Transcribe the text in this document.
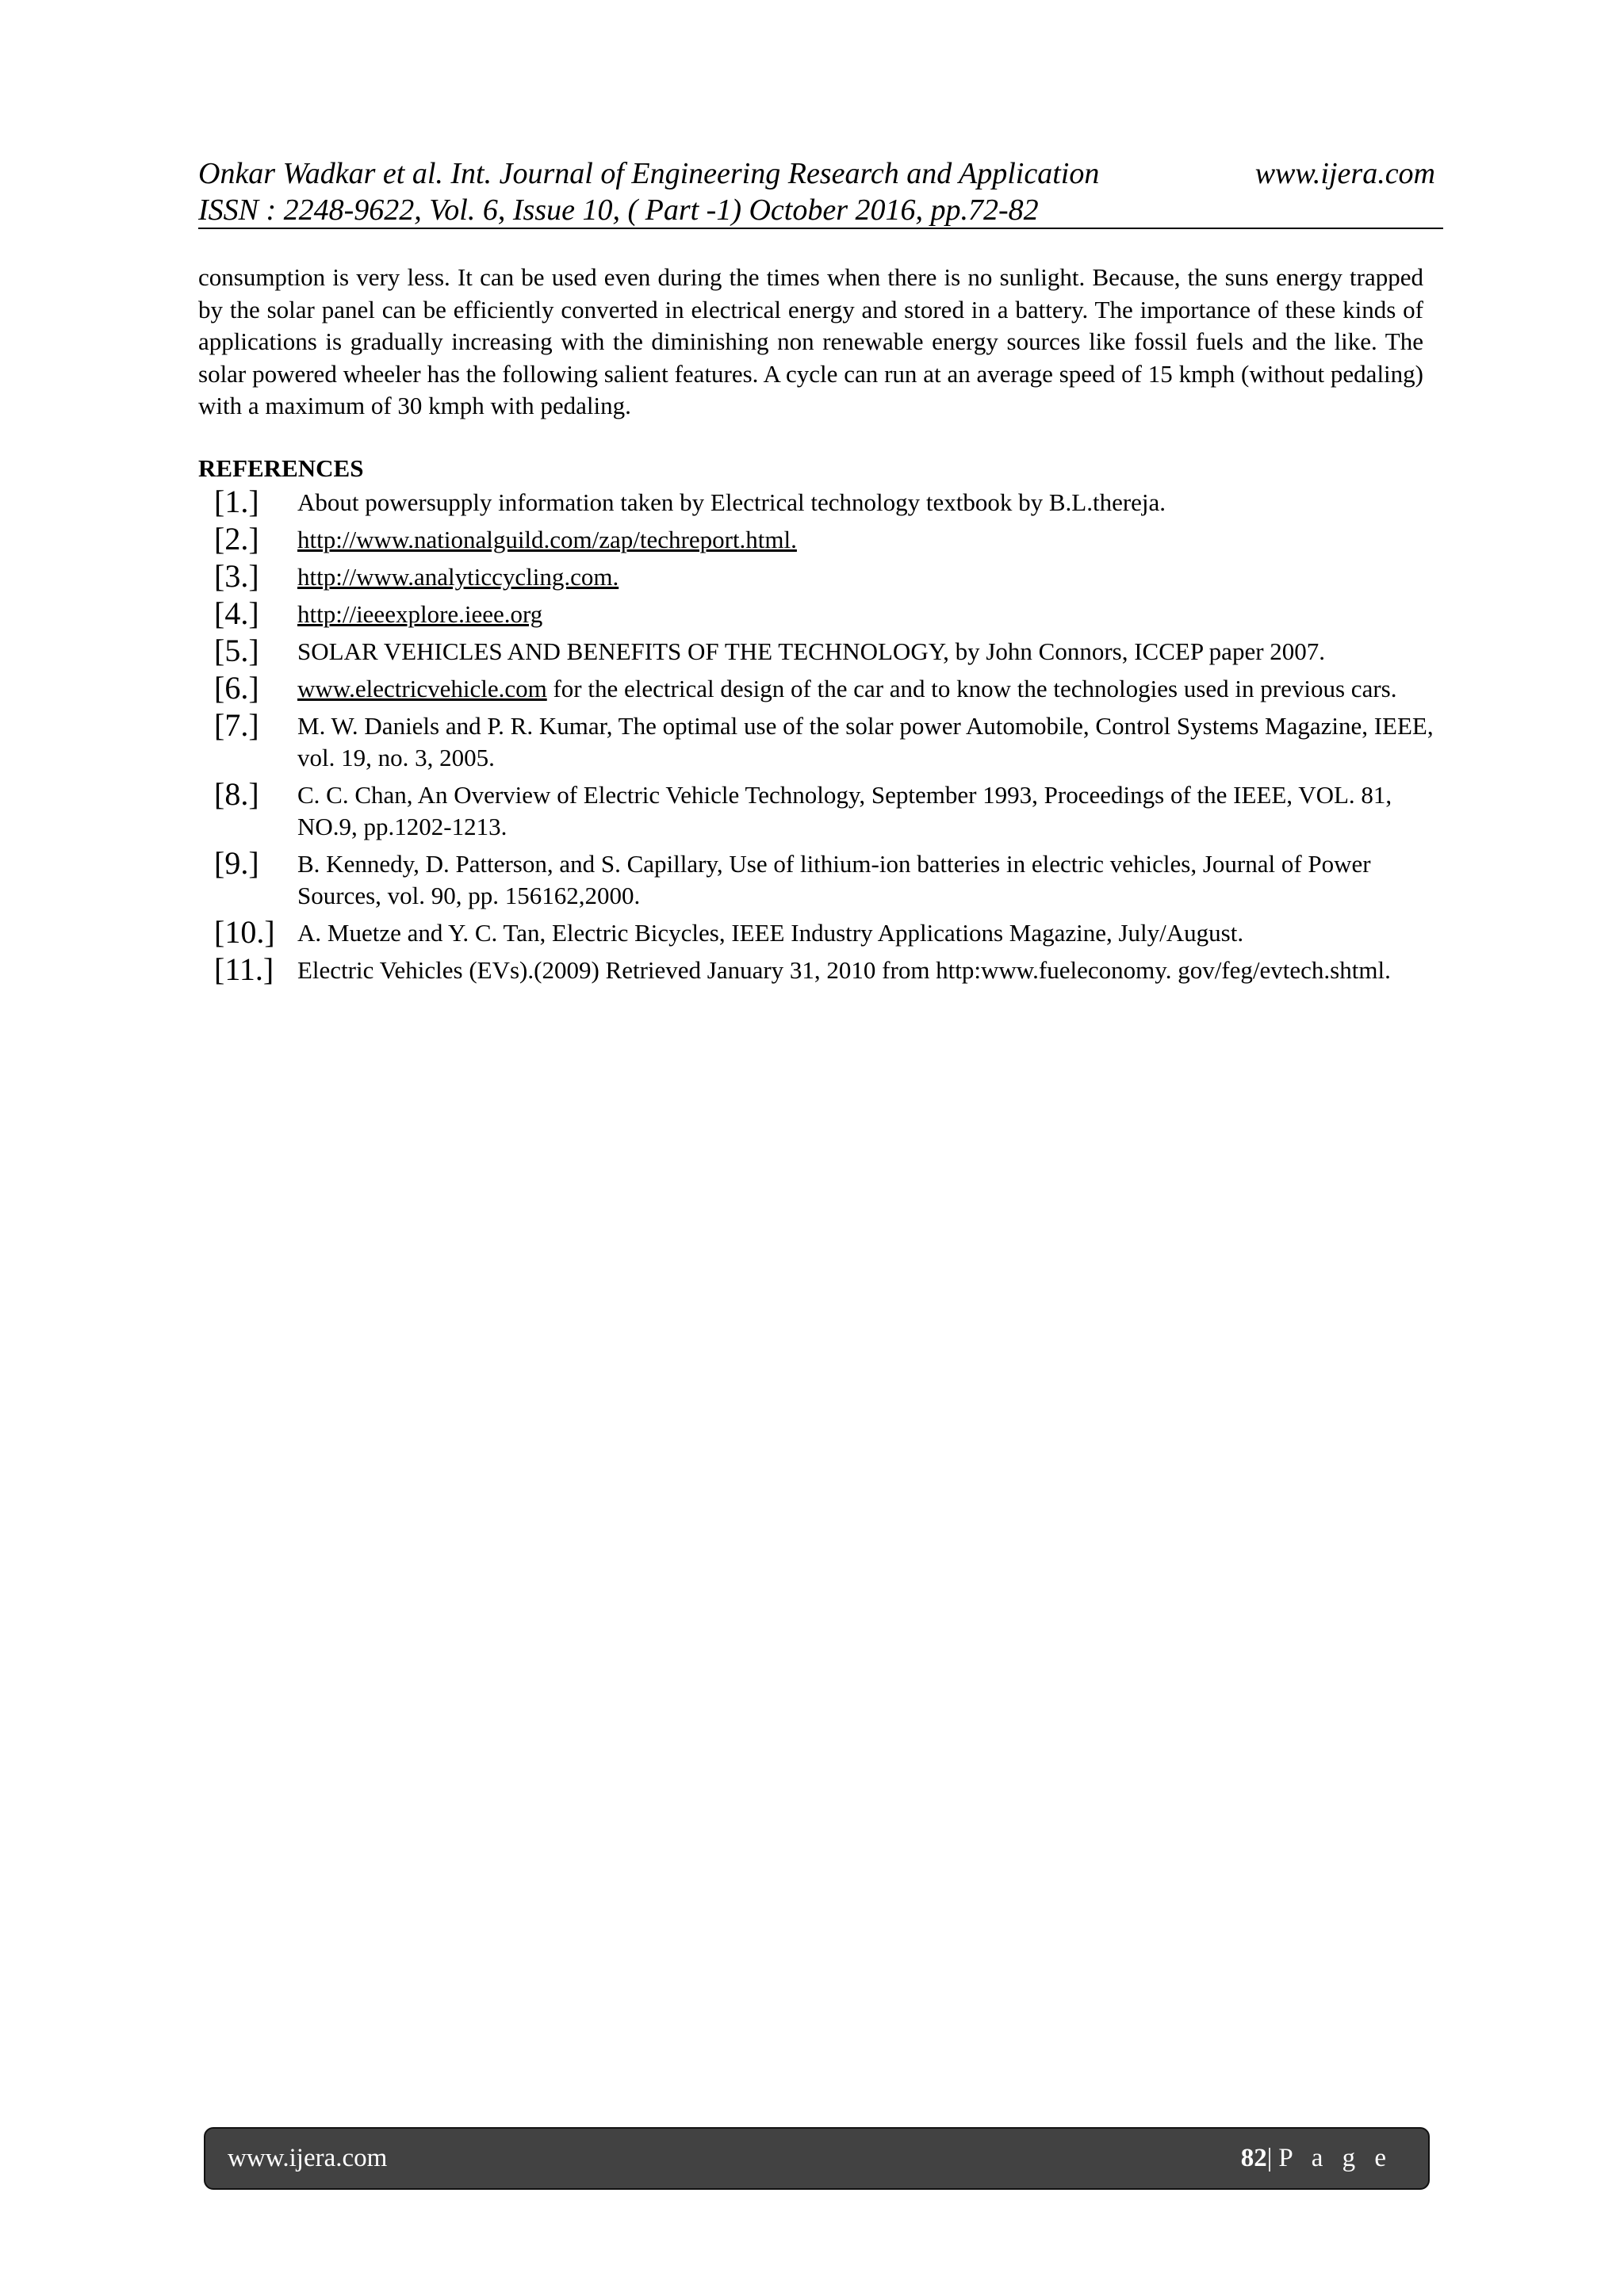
Onkar Wadkar et al. Int. Journal of Engineering Research and Application	www.ijera.com
ISSN : 2248-9622, Vol. 6, Issue 10, ( Part -1) October 2016, pp.72-82
consumption is very less. It can be used even during the times when there is no sunlight. Because, the suns energy trapped by the solar panel can be efficiently converted in electrical energy and stored in a battery. The importance of these kinds of applications is gradually increasing with the diminishing non renewable energy sources like fossil fuels and the like. The solar powered wheeler has the following salient features. A cycle can run at an average speed of 15 kmph (without pedaling) with a maximum of 30 kmph with pedaling.
REFERENCES
[1.]	About powersupply information taken by Electrical technology textbook by B.L.thereja.
[2.]	http://www.nationalguild.com/zap/techreport.html.
[3.]	http://www.analyticcycling.com.
[4.]	http://ieeexplore.ieee.org
[5.]	SOLAR VEHICLES AND BENEFITS OF THE TECHNOLOGY, by John Connors, ICCEP paper 2007.
[6.]	www.electricvehicle.com for the electrical design of the car and to know the technologies used in previous cars.
[7.]	M. W. Daniels and P. R. Kumar, The optimal use of the solar power Automobile, Control Systems Magazine, IEEE, vol. 19, no. 3, 2005.
[8.]	C. C. Chan, An Overview of Electric Vehicle Technology, September 1993, Proceedings of the IEEE, VOL. 81, NO.9, pp.1202-1213.
[9.]	B. Kennedy, D. Patterson, and S. Capillary, Use of lithium-ion batteries in electric vehicles, Journal of Power Sources, vol. 90, pp. 156162,2000.
[10.] A. Muetze and Y. C. Tan, Electric Bicycles, IEEE Industry Applications Magazine, July/August.
[11.] Electric Vehicles (EVs).(2009) Retrieved January 31, 2010 from http:www.fueleconomy. gov/feg/evtech.shtml.
www.ijera.com	82|P a g e
